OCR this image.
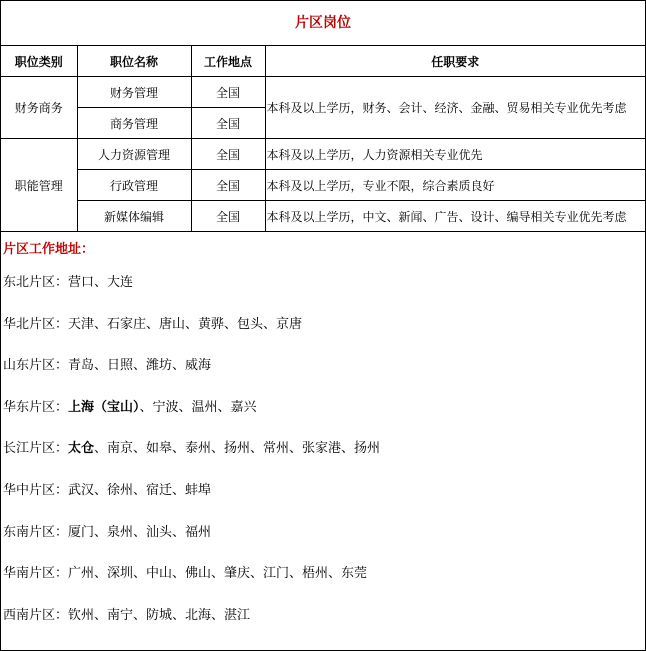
片区岗位
职位类别	职位名称	工作地点	任职要求
财务商务	财务管理	全国	本科及以上学历，财务、会计、经济、金融、贸易相关专业优先考虑
	商务管理	全国	
职能管理	人力资源管理	全国	本科及以上学历，人力资源相关专业优先
	行政管理	全国	本科及以上学历，专业不限，综合素质良好
	新媒体编辑	全国	本科及以上学历，中文、新闻、广告、设计、编导相关专业优先考虑
片区工作地址：
东北片区：营口、大连
华北片区：天津、石家庄、唐山、黄骅、包头、京唐
山东片区：青岛、日照、潍坊、威海
华东片区：上海（宝山）、宁波、温州、嘉兴
长江片区：太仓、南京、如皋、泰州、扬州、常州、张家港、扬州
华中片区：武汉、徐州、宿迁、蚌埠
东南片区：厦门、泉州、汕头、福州
华南片区：广州、深圳、中山、佛山、肇庆、江门、梧州、东莞
西南片区：钦州、南宁、防城、北海、湛江
